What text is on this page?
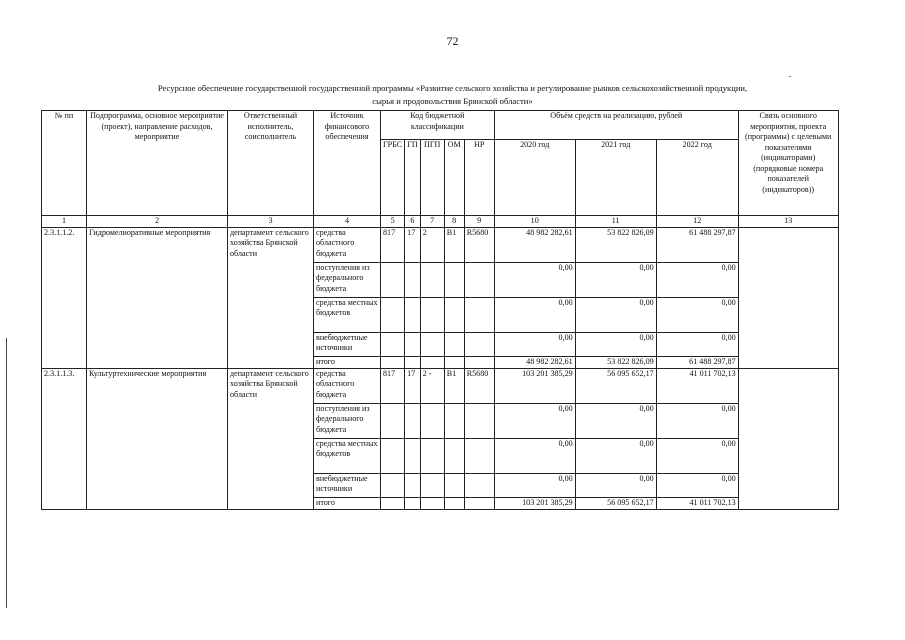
72
Ресурсное обеспечение государственной государственной программы «Развитие сельского хозяйства и регулирование рынков сельскохозяйственной продукции,
сырья и продовольствия Брянской области»
№ пп	Подпрограмма, основное мероприятие (проект), направление расходов, мероприятие	Ответственный исполнитель, соисполнитель	Источник финансового обеспечения	Код бюджетной классификации					Объём средств на реализацию, рублей			Связь основного мероприятия, проекта (программы) с целевыми показателями (индикаторами) (порядковые номера показателей (индикаторов))
				ГРБС	ГП	ПГП	ОМ	НР	2020 год	2021 год	2022 год	
1	2	3	4	5	6	7	8	9	10	11	12	13
2.3.1.1.2.	Гидромелиоративные мероприятия	департамент сельского хозяйства Брянской области	средства областного бюджета	817	17	2	В1	R5680	48 982 282,61	53 822 826,09	61 488 297,87	
			поступления из федерального бюджета						0,00	0,00	0,00	
			средства местных бюджетов						0,00	0,00	0,00	
			внебюджетные источники						0,00	0,00	0,00	
			итого						48 982 282,61	53 822 826,09	61 488 297,87	
2.3.1.1.3.	Культуртехнические мероприятия	департамент сельского хозяйства Брянской области	средства областного бюджета	817	17	2 -	В1	R5680	103 201 385,29	56 095 652,17	41 011 702,13	
			поступления из федерального бюджета						0,00	0,00	0,00	
			средства местных бюджетов						0,00	0,00	0,00	
			внебюджетные источники						0,00	0,00	0,00	
			итого						103 201 385,29	56 095 652,17	41 011 702,13	
